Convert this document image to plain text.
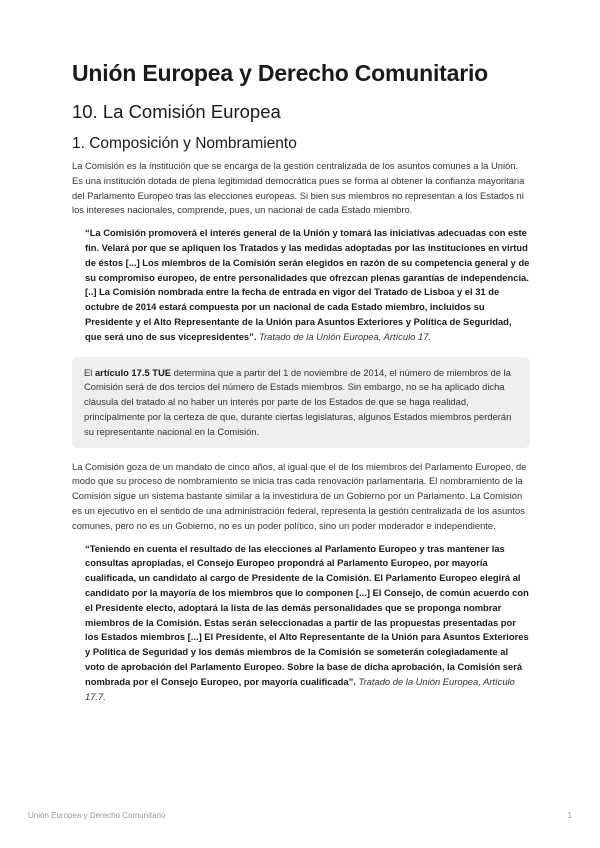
Unión Europea y Derecho Comunitario
10. La Comisión Europea
1. Composición y Nombramiento

La Comisión es la institución que se encarga de la gestión centralizada de los asuntos comunes a la Unión. Es una institución dotada de plena legitimidad democrática pues se forma al obtener la confianza mayoritaria del Parlamento Europeo tras las elecciones europeas. Si bien sus miembros no representan a los Estados ni los intereses nacionales, comprende, pues, un nacional de cada Estado miembro.

“La Comisión promoverá el interés general de la Unión y tomará las iniciativas adecuadas con este fin. Velará por que se apliquen los Tratados y las medidas adoptadas por las instituciones en virtud de éstos [...] Los miembros de la Comisión serán elegidos en razón de su competencia general y de su compromiso europeo, de entre personalidades que ofrezcan plenas garantías de independencia. [..] La Comisión nombrada entre la fecha de entrada en vigor del Tratado de Lisboa y el 31 de octubre de 2014 estará compuesta por un nacional de cada Estado miembro, incluidos su Presidente y el Alto Representante de la Unión para Asuntos Exteriores y Política de Seguridad, que será uno de sus vicepresidentes”. Tratado de la Unión Europea, Artículo 17.
El artículo 17.5 TUE determina que a partir del 1 de noviembre de 2014, el número de miembros de la Comisión será de dos tercios del número de Estads miembros. Sin embargo, no se ha aplicado dicha cláusula del tratado al no haber un interés por parte de los Estados de que se haga realidad, principalmente por la certeza de que, durante ciertas legislaturas, algunos Estados miembros perderán su representante nacional en la Comisión.

La Comisión goza de un mandato de cinco años, al igual que el de los miembros del Parlamento Europeo, de modo que su proceso de nombramiento se inicia tras cada renovación parlamentaria. El nombramiento de la Comisión sigue un sistema bastante similar a la investidura de un Gobierno por un Parlamento. La Comisión es un ejecutivo en el sentido de una administración federal, representa la gestión centralizada de los asuntos comunes, pero no es un Gobierno, no es un poder político, sino un poder moderador e independiente.

“Teniendo en cuenta el resultado de las elecciones al Parlamento Europeo y tras mantener las consultas apropiadas, el Consejo Europeo propondrá al Parlamento Europeo, por mayoría cualificada, un candidato al cargo de Presidente de la Comisión. El Parlamento Europeo elegirá al candidato por la mayoría de los miembros que lo componen [...] El Consejo, de común acuerdo con el Presidente electo, adoptará la lista de las demás personalidades que se proponga nombrar miembros de la Comisión. Estas serán seleccionadas a partir de las propuestas presentadas por los Estados miembros [...] El Presidente, el Alto Representante de la Unión para Asuntos Exteriores y Política de Seguridad y los demás miembros de la Comisión se someterán colegiadamente al voto de aprobación del Parlamento Europeo. Sobre la base de dicha aprobación, la Comisión será nombrada por el Consejo Europeo, por mayoría cualificada”. Tratado de la Unión Europea, Artículo 17.7.
Unión Europea y Derecho Comunitario	1
